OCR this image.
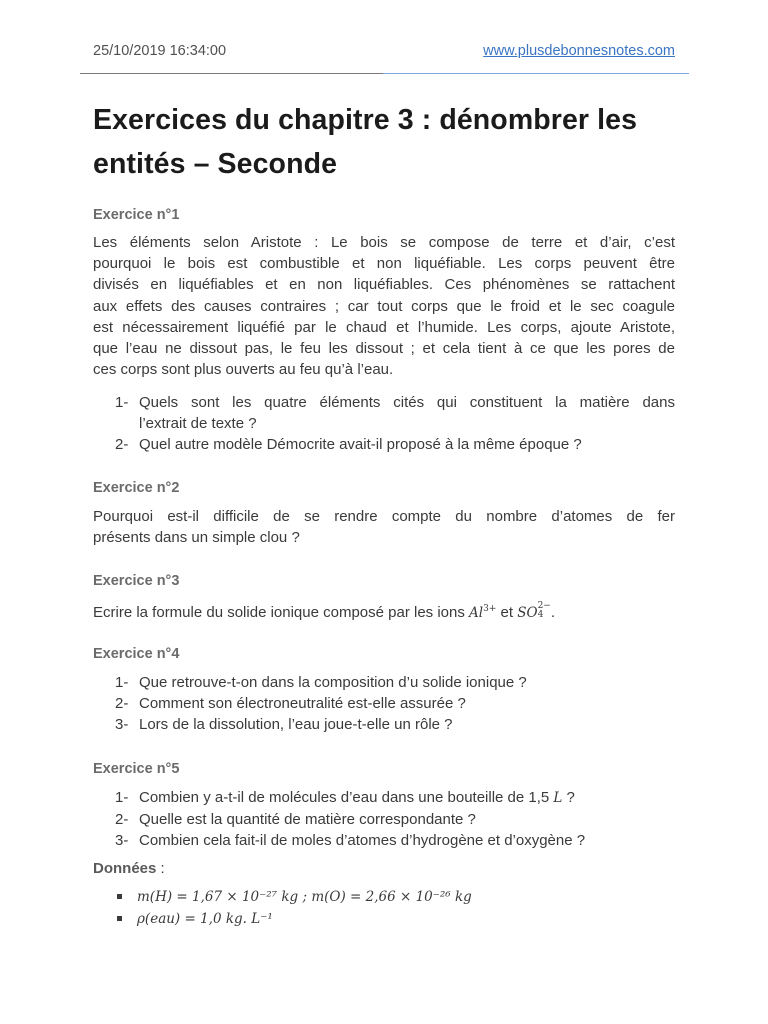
25/10/2019 16:34:00	www.plusdebonnesnotes.com
Exercices du chapitre 3 : dénombrer les
entités – Seconde
Exercice n°1
Les éléments selon Aristote : Le bois se compose de terre et d’air, c’est
pourquoi le bois est combustible et non liquéfiable. Les corps peuvent être
divisés en liquéfiables et en non liquéfiables. Ces phénomènes se rattachent
aux effets des causes contraires ; car tout corps que le froid et le sec coagule
est nécessairement liquéfié par le chaud et l’humide. Les corps, ajoute Aristote,
que l’eau ne dissout pas, le feu les dissout ; et cela tient à ce que les pores de
ces corps sont plus ouverts au feu qu’à l’eau.
1- Quels sont les quatre éléments cités qui constituent la matière dans
l’extrait de texte ?
2- Quel autre modèle Démocrite avait-il proposé à la même époque ?
Exercice n°2
Pourquoi est-il difficile de se rendre compte du nombre d’atomes de fer
présents dans un simple clou ?
Exercice n°3
Ecrire la formule du solide ionique composé par les ions $Al^{3+}$ et SO 2−
4 .
Exercice n°4
1- Que retrouve-t-on dans la composition d’u solide ionique ?
2- Comment son électroneutralité est-elle assurée ?
3- Lors de la dissolution, l’eau joue-t-elle un rôle ?
Exercice n°5
1- Combien y a-t-il de molécules d’eau dans une bouteille de 1,5 L ?
2- Quelle est la quantité de matière correspondante ?
3- Combien cela fait-il de moles d’atomes d’hydrogène et d’oxygène ?
Données :
m(H) = 1,67 × 10⁻²⁷ kg ; m(O) = 2,66 × 10⁻²⁶ kg
ρ(eau) = 1,0 kg. L⁻¹
